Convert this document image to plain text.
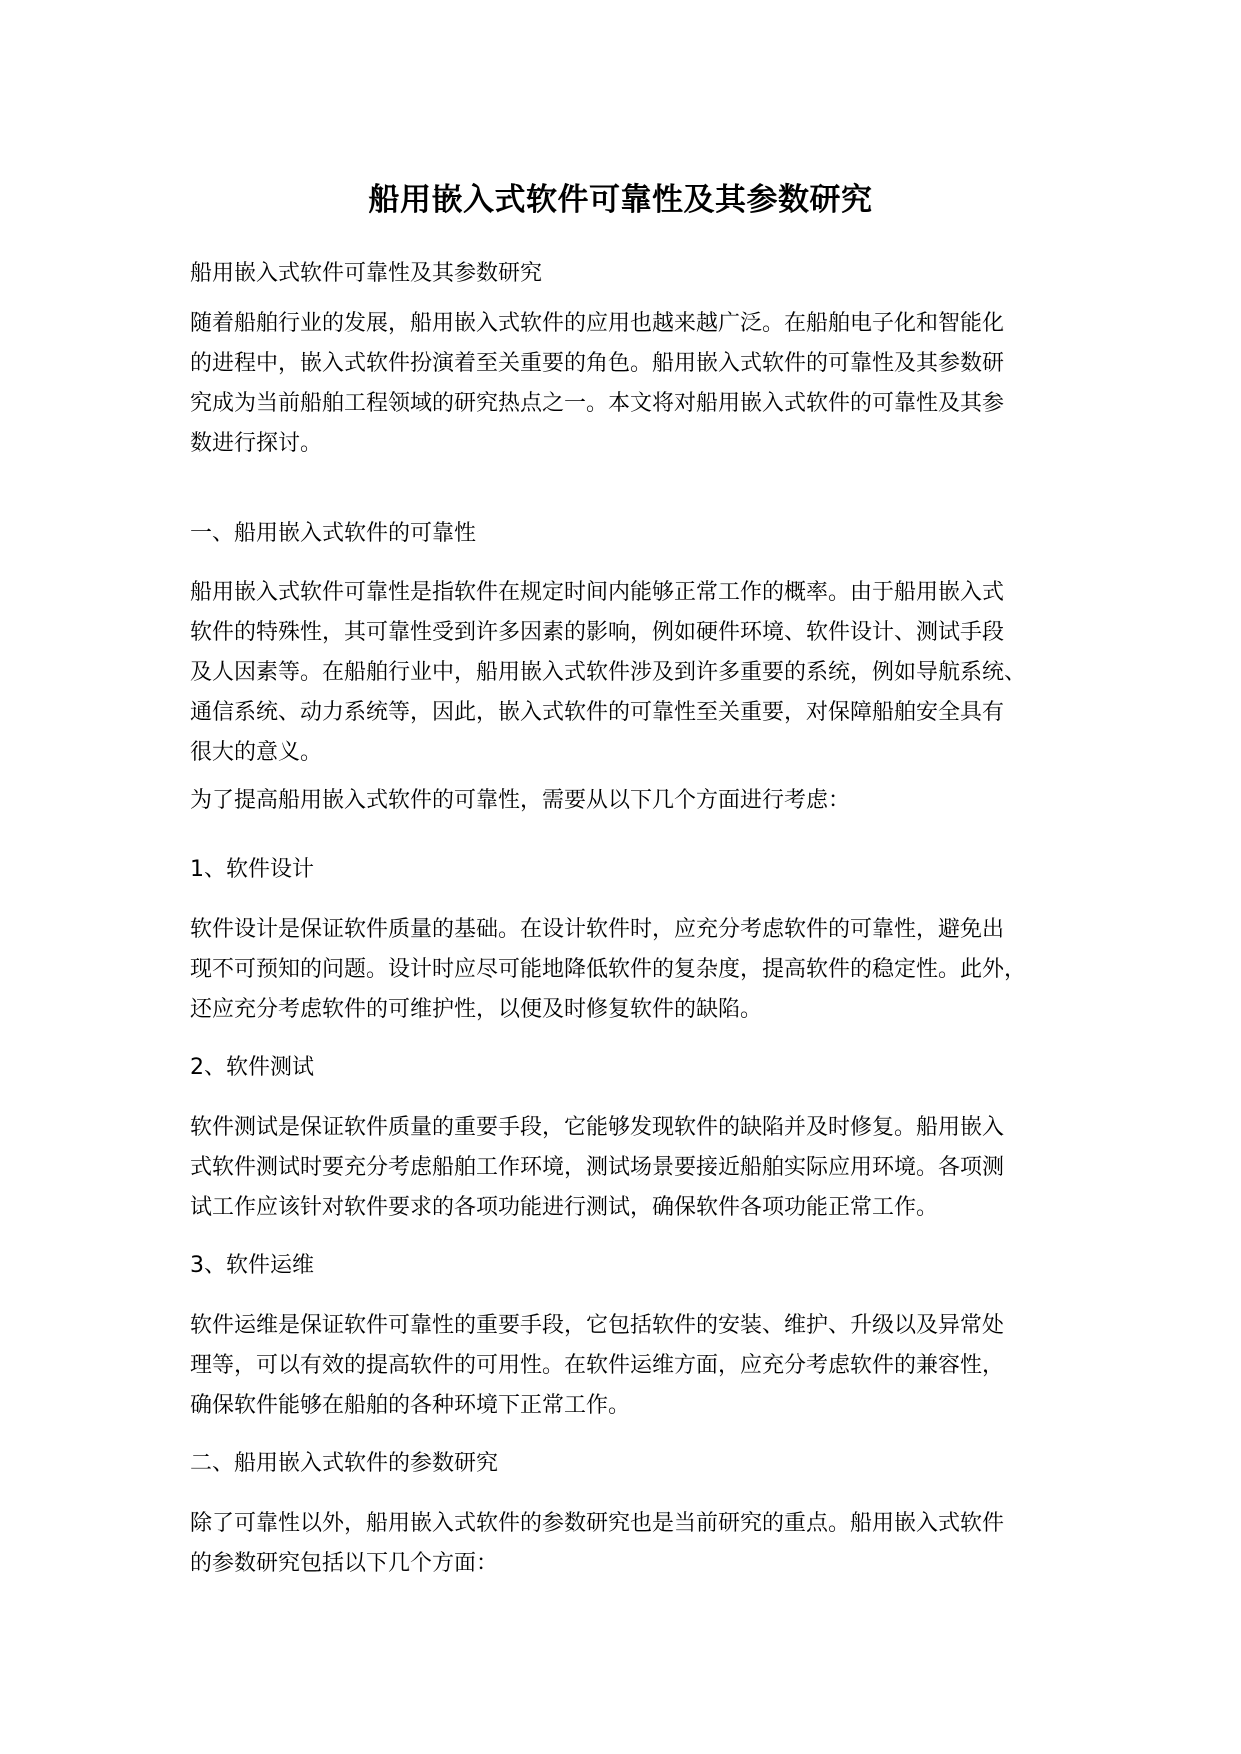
船用嵌入式软件可靠性及其参数研究
船用嵌入式软件可靠性及其参数研究
随着船舶行业的发展，船用嵌入式软件的应用也越来越广泛。在船舶电子化和智能化
的进程中，嵌入式软件扮演着至关重要的角色。船用嵌入式软件的可靠性及其参数研
究成为当前船舶工程领域的研究热点之一。本文将对船用嵌入式软件的可靠性及其参
数进行探讨。
一、船用嵌入式软件的可靠性
船用嵌入式软件可靠性是指软件在规定时间内能够正常工作的概率。由于船用嵌入式
软件的特殊性，其可靠性受到许多因素的影响，例如硬件环境、软件设计、测试手段
及人因素等。在船舶行业中，船用嵌入式软件涉及到许多重要的系统，例如导航系统、
通信系统、动力系统等，因此，嵌入式软件的可靠性至关重要，对保障船舶安全具有
很大的意义。
为了提高船用嵌入式软件的可靠性，需要从以下几个方面进行考虑：
1、软件设计
软件设计是保证软件质量的基础。在设计软件时，应充分考虑软件的可靠性，避免出
现不可预知的问题。设计时应尽可能地降低软件的复杂度，提高软件的稳定性。此外，
还应充分考虑软件的可维护性，以便及时修复软件的缺陷。
2、软件测试
软件测试是保证软件质量的重要手段，它能够发现软件的缺陷并及时修复。船用嵌入
式软件测试时要充分考虑船舶工作环境，测试场景要接近船舶实际应用环境。各项测
试工作应该针对软件要求的各项功能进行测试，确保软件各项功能正常工作。
3、软件运维
软件运维是保证软件可靠性的重要手段，它包括软件的安装、维护、升级以及异常处
理等，可以有效的提高软件的可用性。在软件运维方面，应充分考虑软件的兼容性，
确保软件能够在船舶的各种环境下正常工作。
二、船用嵌入式软件的参数研究
除了可靠性以外，船用嵌入式软件的参数研究也是当前研究的重点。船用嵌入式软件
的参数研究包括以下几个方面：
